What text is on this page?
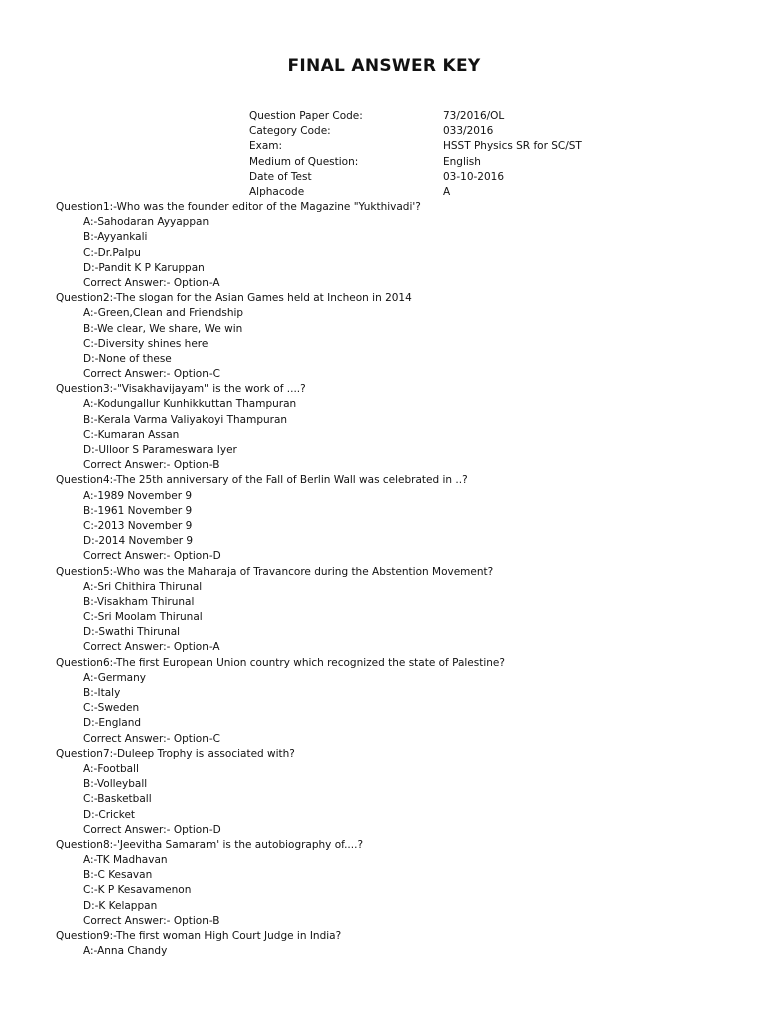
FINAL ANSWER KEY
Question Paper Code:	73/2016/OL
Category Code:	033/2016
Exam:	HSST Physics SR for SC/ST
Medium of Question:	English
Date of Test	03-10-2016
Alphacode	A
Question1:-Who was the founder editor of the Magazine "Yukthivadi'?
A:-Sahodaran Ayyappan
B:-Ayyankali
C:-Dr.Palpu
D:-Pandit K P Karuppan
Correct Answer:- Option-A
Question2:-The slogan for the Asian Games held at Incheon in 2014
A:-Green,Clean and Friendship
B:-We clear, We share, We win
C:-Diversity shines here
D:-None of these
Correct Answer:- Option-C
Question3:-"Visakhavijayam" is the work of ....?
A:-Kodungallur Kunhikkuttan Thampuran
B:-Kerala Varma Valiyakoyi Thampuran
C:-Kumaran Assan
D:-Ulloor S Parameswara Iyer
Correct Answer:- Option-B
Question4:-The 25th anniversary of the Fall of Berlin Wall was celebrated in ..?
A:-1989 November 9
B:-1961 November 9
C:-2013 November 9
D:-2014 November 9
Correct Answer:- Option-D
Question5:-Who was the Maharaja of Travancore during the Abstention Movement?
A:-Sri Chithira Thirunal
B:-Visakham Thirunal
C:-Sri Moolam Thirunal
D:-Swathi Thirunal
Correct Answer:- Option-A
Question6:-The first European Union country which recognized the state of Palestine?
A:-Germany
B:-Italy
C:-Sweden
D:-England
Correct Answer:- Option-C
Question7:-Duleep Trophy is associated with?
A:-Football
B:-Volleyball
C:-Basketball
D:-Cricket
Correct Answer:- Option-D
Question8:-'Jeevitha Samaram' is the autobiography of....?
A:-TK Madhavan
B:-C Kesavan
C:-K P Kesavamenon
D:-K Kelappan
Correct Answer:- Option-B
Question9:-The first woman High Court Judge in India?
A:-Anna Chandy
